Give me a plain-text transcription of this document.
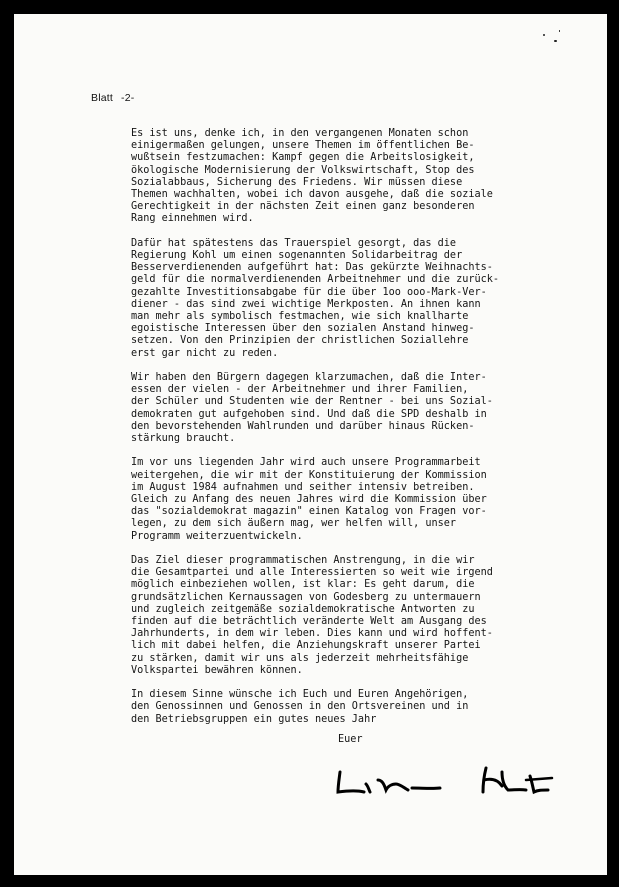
Blatt -2-
Es ist uns, denke ich, in den vergangenen Monaten schon
einigermaßen gelungen, unsere Themen im öffentlichen Be-
wußtsein festzumachen: Kampf gegen die Arbeitslosigkeit,
ökologische Modernisierung der Volkswirtschaft, Stop des
Sozialabbaus, Sicherung des Friedens. Wir müssen diese
Themen wachhalten, wobei ich davon ausgehe, daß die soziale
Gerechtigkeit in der nächsten Zeit einen ganz besonderen
Rang einnehmen wird.
Dafür hat spätestens das Trauerspiel gesorgt, das die
Regierung Kohl um einen sogenannten Solidarbeitrag der
Besserverdienenden aufgeführt hat: Das gekürzte Weihnachts-
geld für die normalverdienenden Arbeitnehmer und die zurück-
gezahlte Investitionsabgabe für die über 1oo ooo-Mark-Ver-
diener - das sind zwei wichtige Merkposten. An ihnen kann
man mehr als symbolisch festmachen, wie sich knallharte
egoistische Interessen über den sozialen Anstand hinweg-
setzen. Von den Prinzipien der christlichen Soziallehre
erst gar nicht zu reden.
Wir haben den Bürgern dagegen klarzumachen, daß die Inter-
essen der vielen - der Arbeitnehmer und ihrer Familien,
der Schüler und Studenten wie der Rentner - bei uns Sozial-
demokraten gut aufgehoben sind. Und daß die SPD deshalb in
den bevorstehenden Wahlrunden und darüber hinaus Rücken-
stärkung braucht.
Im vor uns liegenden Jahr wird auch unsere Programmarbeit
weitergehen, die wir mit der Konstituierung der Kommission
im August 1984 aufnahmen und seither intensiv betreiben.
Gleich zu Anfang des neuen Jahres wird die Kommission über
das "sozialdemokrat magazin" einen Katalog von Fragen vor-
legen, zu dem sich äußern mag, wer helfen will, unser
Programm weiterzuentwickeln.
Das Ziel dieser programmatischen Anstrengung, in die wir
die Gesamtpartei und alle Interessierten so weit wie irgend
möglich einbeziehen wollen, ist klar: Es geht darum, die
grundsätzlichen Kernaussagen von Godesberg zu untermauern
und zugleich zeitgemäße sozialdemokratische Antworten zu
finden auf die beträchtlich veränderte Welt am Ausgang des
Jahrhunderts, in dem wir leben. Dies kann und wird hoffent-
lich mit dabei helfen, die Anziehungskraft unserer Partei
zu stärken, damit wir uns als jederzeit mehrheitsfähige
Volkspartei bewähren können.
In diesem Sinne wünsche ich Euch und Euren Angehörigen,
den Genossinnen und Genossen in den Ortsvereinen und in
den Betriebsgruppen ein gutes neues Jahr
Euer
